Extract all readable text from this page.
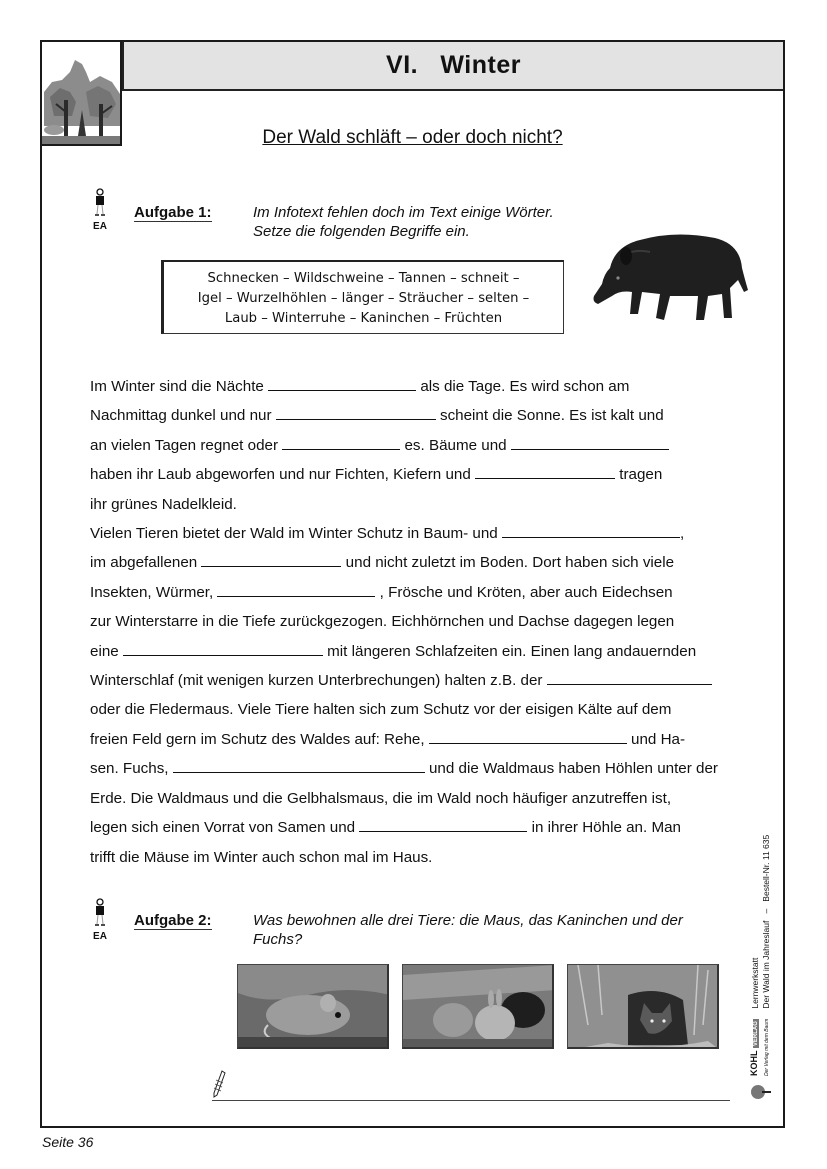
VI.   Winter
Der Wald schläft – oder doch nicht?
EA
Aufgabe 1:	Im Infotext fehlen doch im Text einige Wörter.
Setze die folgenden Begriffe ein.
Schnecken – Wildschweine – Tannen – schneit –
Igel – Wurzelhöhlen – länger – Sträucher – selten –
Laub – Winterruhe – Kaninchen – Früchten

Im Winter sind die Nächte	als die Tage. Es wird schon am

Nachmittag dunkel und nur	scheint die Sonne. Es ist kalt und

an vielen Tagen regnet oder	es. Bäume und

haben ihr Laub abgeworfen und nur Fichten, Kiefern und	tragen

ihr grünes Nadelkleid.

Vielen Tieren bietet der Wald im Winter Schutz in Baum- und	,

im abgefallenen	und nicht zuletzt im Boden. Dort haben sich viele

Insekten, Würmer,	, Frösche und Kröten, aber auch Eidechsen

zur Winterstarre in die Tiefe zurückgezogen. Eichhörnchen und Dachse dagegen legen

eine	mit längeren Schlafzeiten ein. Einen lang andauernden

Winterschlaf (mit wenigen kurzen Unterbrechungen) halten z.B. der

oder die Fledermaus. Viele Tiere halten sich zum Schutz vor der eisigen Kälte auf dem

freien Feld gern im Schutz des Waldes auf: Rehe,	und Ha-

sen. Fuchs,	und die Waldmaus haben Höhlen unter der

Erde. Die Waldmaus und die Gelbhalsmaus, die im Wald noch häufiger anzutreffen ist,

legen sich einen Vorrat von Samen und	in ihrer Höhle an. Man

trifft die Mäuse im Winter auch schon mal im Haus.

EA
Aufgabe 2:	Was bewohnen alle drei Tiere: die Maus, das Kaninchen und der
Fuchs?
KOHL VERLAG	Der Verlag mit dem Baum
Lernwerkstatt Der Wald im Jahreslauf   –   Bestell-Nr. 11 635
Seite 36
